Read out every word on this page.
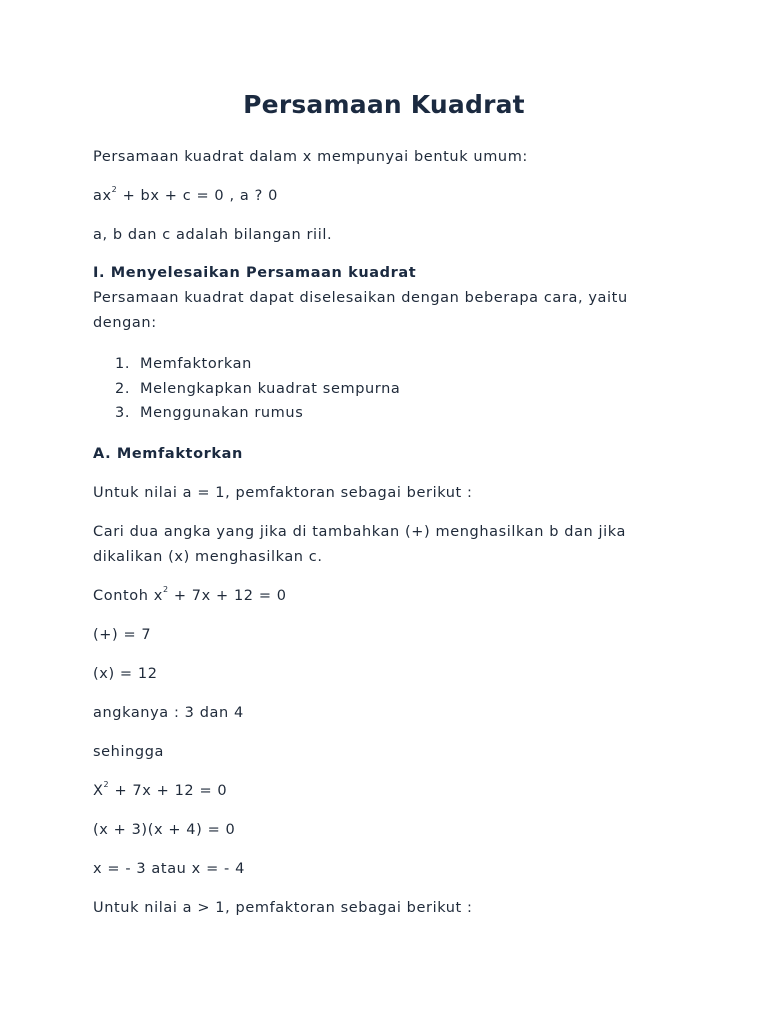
Persamaan Kuadrat

Persamaan kuadrat dalam x mempunyai bentuk umum:

$ax^2$ + bx + c = 0 , a ? 0

a, b dan c adalah bilangan riil.

I. Menyelesaikan Persamaan kuadrat

Persamaan kuadrat dapat diselesaikan dengan beberapa cara, yaitu dengan:

1. Memfaktorkan
2. Melengkapkan kuadrat sempurna
3. Menggunakan rumus

A. Memfaktorkan

Untuk nilai a = 1, pemfaktoran sebagai berikut :

Cari dua angka yang jika di tambahkan (+) menghasilkan b dan jika dikalikan (x) menghasilkan c.

Contoh $x^2 + 7x + 12 = 0$

(+) = 7

(x) = 12

angkanya : 3 dan 4

sehingga

$X^2 + 7x + 12 = 0$

(x + 3)(x + 4) = 0

x = - 3 atau x = - 4

Untuk nilai a > 1, pemfaktoran sebagai berikut :
